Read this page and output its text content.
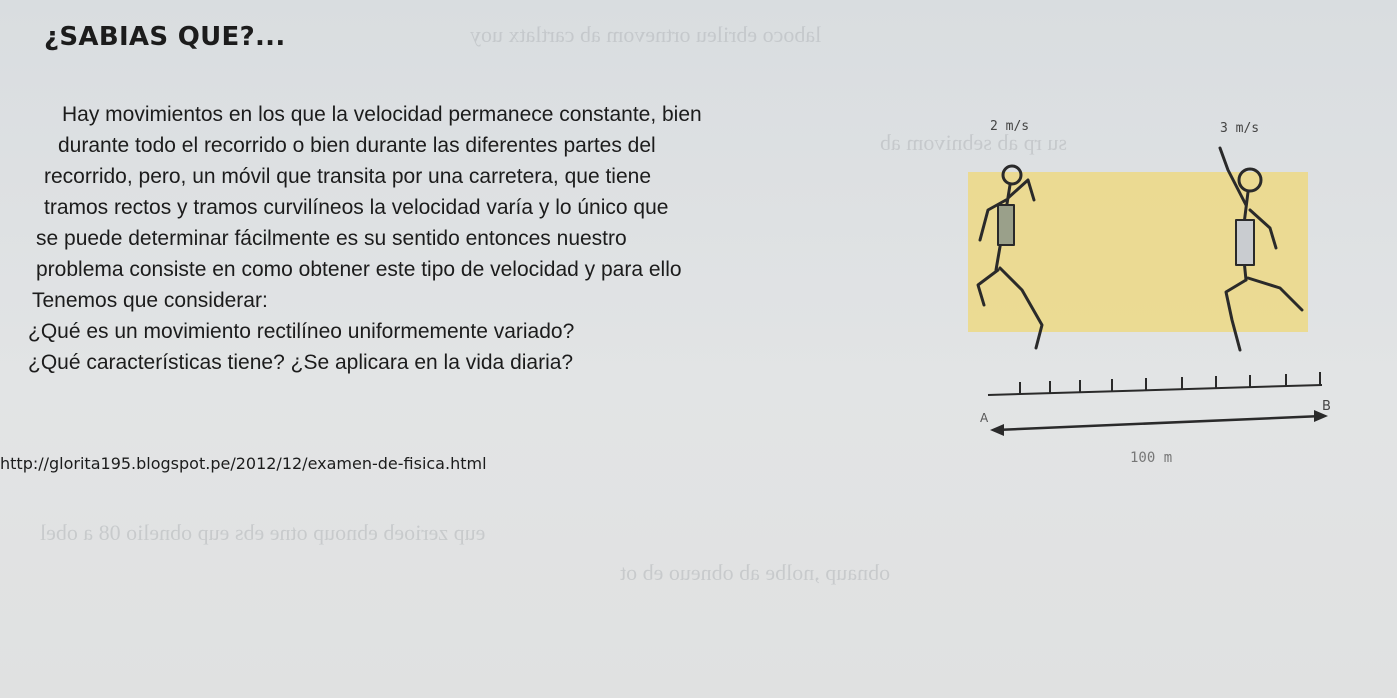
laboco ebrileu ortnevom ab cartlatx uoy
su rp ab sebnivom ab
eup zerioeb ebnoup otne ebs eup obnelio 08 a obel
obnaup ,nolbe ab obneuo eb ot
¿SABIAS QUE?...
Hay movimientos en los que la velocidad permanece constante, bien
durante todo el recorrido o bien durante las diferentes partes del
recorrido, pero, un móvil que transita por una carretera, que tiene
tramos rectos y tramos curvilíneos la velocidad varía y lo único que
se puede determinar fácilmente es su sentido entonces nuestro
problema consiste en como obtener este tipo de velocidad y para ello
Tenemos que considerar:
¿Qué es un movimiento rectilíneo uniformemente variado?
¿Qué características tiene? ¿Se aplicara en la vida diaria?
http://glorita195.blogspot.pe/2012/12/examen-de-fisica.html
2 m/s	3 m/s
A
B
100 m
